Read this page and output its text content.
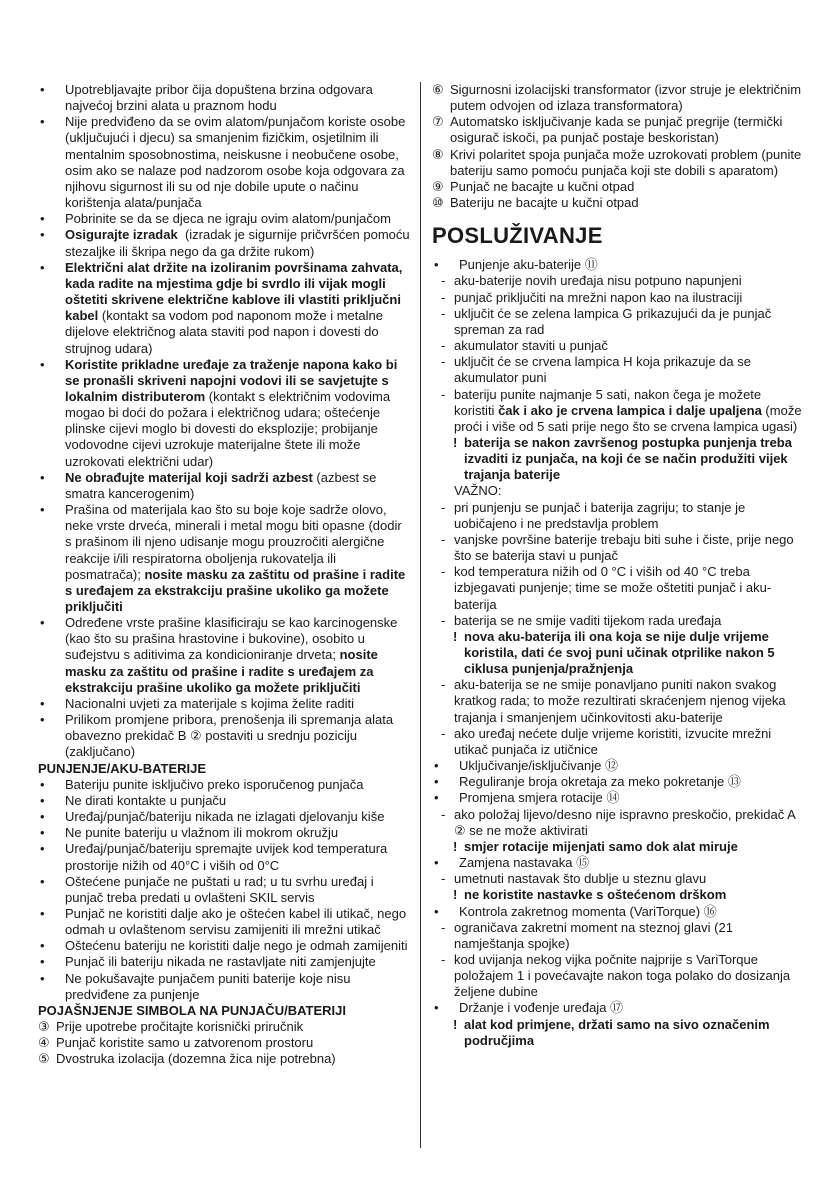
• Upotrebljavajte pribor čija dopuštena brzina odgovara najvećoj brzini alata u praznom hodu
• Nije predviđeno da se ovim alatom/punjačom koriste osobe (uključujući i djecu) sa smanjenim fizičkim, osjetilnim ili mentalnim sposobnostima, neiskusne i neobučene osobe, osim ako se nalaze pod nadzorom osobe koja odgovara za njihovu sigurnost ili su od nje dobile upute o načinu korištenja alata/punjača
• Pobrinite se da se djeca ne igraju ovim alatom/punjačom
• Osigurajte izradak  (izradak je sigurnije pričvršćen pomoću stezaljke ili škripa nego da ga držite rukom)
• Električni alat držite na izoliranim površinama zahvata, kada radite na mjestima gdje bi svrdlo ili vijak mogli oštetiti skrivene električne kablove ili vlastiti priključni kabel (kontakt sa vodom pod naponom može i metalne dijelove električnog alata staviti pod napon i dovesti do strujnog udara)
• Koristite prikladne uređaje za traženje napona kako bi se pronašli skriveni napojni vodovi ili se savjetujte s lokalnim distributerom (kontakt s električnim vodovima mogao bi doći do požara i električnog udara; oštećenje plinske cijevi moglo bi dovesti do eksplozije; probijanje vodovodne cijevi uzrokuje materijalne štete ili može uzrokovati električni udar)
• Ne obrađujte materijal koji sadrži azbest (azbest se smatra kancerogenim)
• Prašina od materijala kao što su boje koje sadrže olovo, neke vrste drveća, minerali i metal mogu biti opasne (dodir s prašinom ili njeno udisanje mogu prouzročiti alergične reakcije i/ili respiratorna oboljenja rukovatelja ili posmatrača); nosite masku za zaštitu od prašine i radite s uređajem za ekstrakciju prašine ukoliko ga možete priključiti
• Određene vrste prašine klasificiraju se kao karcinogenske (kao što su prašina hrastovine i bukovine), osobito u suđejstvu s aditivima za kondicioniranje drveta; nosite masku za zaštitu od prašine i radite s uređajem za ekstrakciju prašine ukoliko ga možete priključiti
• Nacionalni uvjeti za materijale s kojima želite raditi
• Prilikom promjene pribora, prenošenja ili spremanja alata obavezno prekidač B ② postaviti u srednju poziciju (zaključano)
PUNJENJE/AKU-BATERIJE
• Bateriju punite isključivo preko isporučenog punjača
• Ne dirati kontakte u punjaču
• Uređaj/punjač/bateriju nikada ne izlagati djelovanju kiše
• Ne punite bateriju u vlažnom ili mokrom okružju
• Uređaj/punjač/bateriju spremajte uvijek kod temperatura prostorije nižih od 40°C i viših od 0°C
• Oštećene punjače ne puštati u rad; u tu svrhu uređaj i punjač treba predati u ovlašteni SKIL servis
• Punjač ne koristiti dalje ako je oštećen kabel ili utikač, nego odmah u ovlaštenom servisu zamijeniti ili mrežni utikač
• Oštećenu bateriju ne koristiti dalje nego je odmah zamijeniti
• Punjač ili bateriju nikada ne rastavljate niti zamjenjujte
• Ne pokušavajte punjačem puniti baterije koje nisu predviđene za punjenje
POJAŠNJENJE SIMBOLA NA PUNJAČU/BATERIJI
③ Prije upotrebe pročitajte korisnički priručnik
④ Punjač koristite samo u zatvorenom prostoru
⑤ Dvostruka izolacija (dozemna žica nije potrebna)
⑥ Sigurnosni izolacijski transformator (izvor struje je električnim putem odvojen od izlaza transformatora)
⑦ Automatsko isključivanje kada se punjač pregrije (termički osigurač iskoči, pa punjač postaje beskoristan)
⑧ Krivi polaritet spoja punjača može uzrokovati problem (punite bateriju samo pomoću punjača koji ste dobili s aparatom)
⑨ Punjač ne bacajte u kučni otpad
⑩ Bateriju ne bacajte u kučni otpad
POSLUŽIVANJE
• Punjenje aku-baterije ⑪
- aku-baterije novih uređaja nisu potpuno napunjeni
- punjač priključiti na mrežni napon kao na ilustraciji
- uključit će se zelena lampica G prikazujući da je punjač spreman za rad
- akumulator staviti u punjač
- uključit će se crvena lampica H koja prikazuje da se akumulator puni
- bateriju punite najmanje 5 sati, nakon čega je možete koristiti čak i ako je crvena lampica i dalje upaljena (može proći i više od 5 sati prije nego što se crvena lampica ugasi)
! baterija se nakon završenog postupka punjenja treba izvaditi iz punjača, na koji će se način produžiti vijek trajanja baterije
VAŽNO:
- pri punjenju se punjač i baterija zagriju; to stanje je uobičajeno i ne predstavlja problem
- vanjske površine baterije trebaju biti suhe i čiste, prije nego što se baterija stavi u punjač
- kod temperatura nižih od 0 °C i viših od 40 °C treba izbjegavati punjenje; time se može oštetiti punjač i aku-baterija
- baterija se ne smije vaditi tijekom rada uređaja
! nova aku-baterija ili ona koja se nije dulje vrijeme koristila, dati će svoj puni učinak otprilike nakon 5 ciklusa punjenja/pražnjenja
- aku-baterija se ne smije ponavljano puniti nakon svakog kratkog rada; to može rezultirati skraćenjem njenog vijeka trajanja i smanjenjem učinkovitosti aku-baterije
- ako uređaj nećete dulje vrijeme koristiti, izvucite mrežni utikač punjača iz utičnice
• Uključivanje/isključivanje ⑫
• Reguliranje broja okretaja za meko pokretanje ⑬
• Promjena smjera rotacije ⑭
- ako položaj lijevo/desno nije ispravno preskočio, prekidač A ② se ne može aktivirati
! smjer rotacije mijenjati samo dok alat miruje
• Zamjena nastavaka ⑮
- umetnuti nastavak što dublje u steznu glavu
! ne koristite nastavke s oštećenom drškom
• Kontrola zakretnog momenta (VariTorque) ⑯
- ograničava zakretni moment na steznoj glavi (21 namještanja spojke)
- kod uvijanja nekog vijka počnite najprije s VariTorque položajem 1 i povećavajte nakon toga polako do dosizanja željene dubine
• Držanje i vođenje uređaja ⑰
! alat kod primjene, držati samo na sivo označenim područjima
